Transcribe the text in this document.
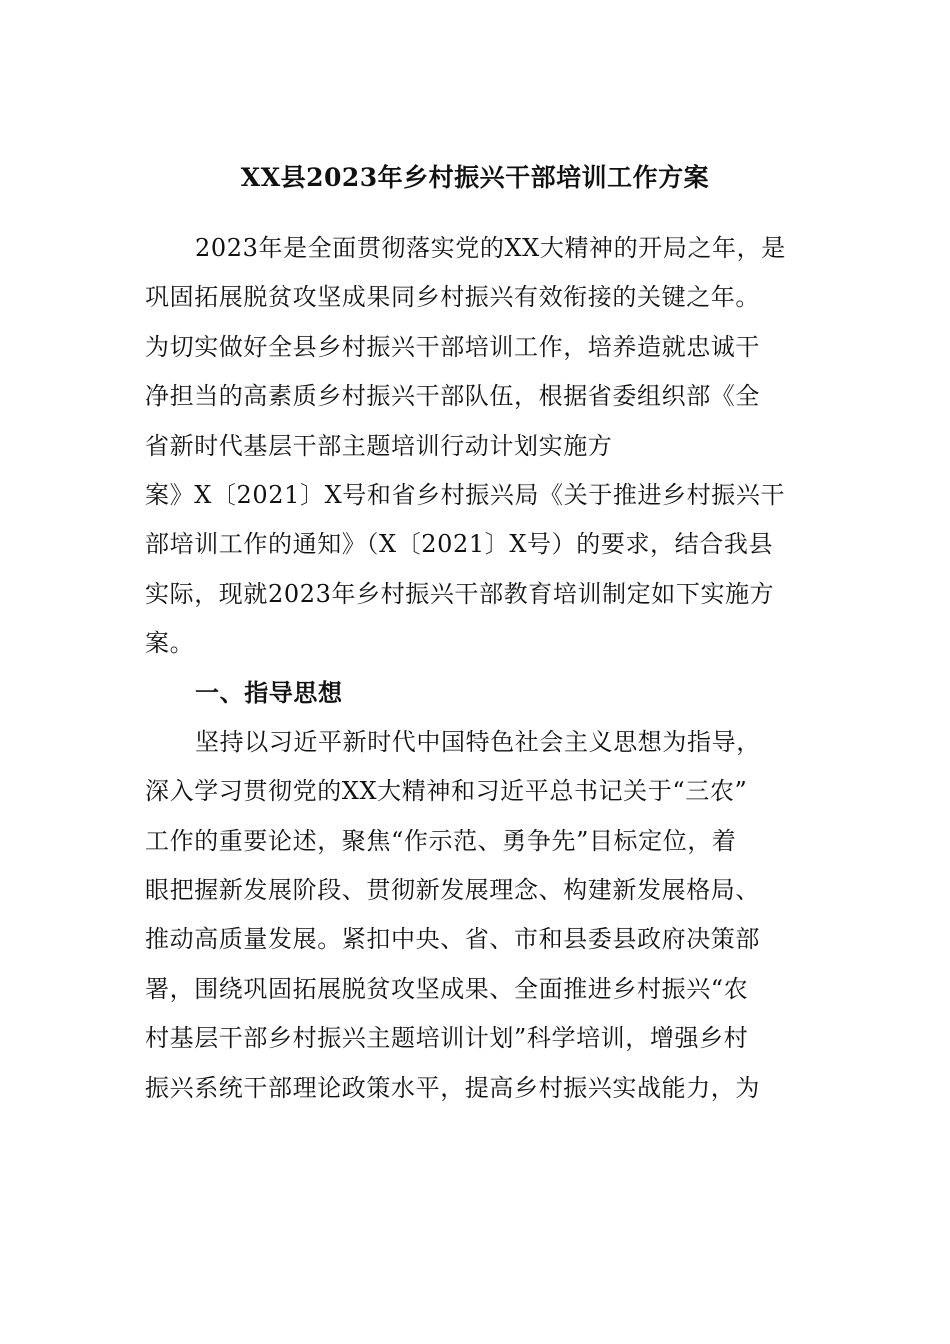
XX县2023年乡村振兴干部培训工作方案
2023年是全面贯彻落实党的XX大精神的开局之年，是
巩固拓展脱贫攻坚成果同乡村振兴有效衔接的关键之年。
为切实做好全县乡村振兴干部培训工作，培养造就忠诚干
净担当的高素质乡村振兴干部队伍，根据省委组织部《全
省新时代基层干部主题培训行动计划实施方
案》X〔2021〕X号和省乡村振兴局《关于推进乡村振兴干
部培训工作的通知》（X〔2021〕X号）的要求，结合我县
实际，现就2023年乡村振兴干部教育培训制定如下实施方
案。
一、指导思想
坚持以习近平新时代中国特色社会主义思想为指导，
深入学习贯彻党的XX大精神和习近平总书记关于“三农”
工作的重要论述，聚焦“作示范、勇争先”目标定位，着
眼把握新发展阶段、贯彻新发展理念、构建新发展格局、
推动高质量发展。紧扣中央、省、市和县委县政府决策部
署，围绕巩固拓展脱贫攻坚成果、全面推进乡村振兴“农
村基层干部乡村振兴主题培训计划”科学培训，增强乡村
振兴系统干部理论政策水平，提高乡村振兴实战能力，为
